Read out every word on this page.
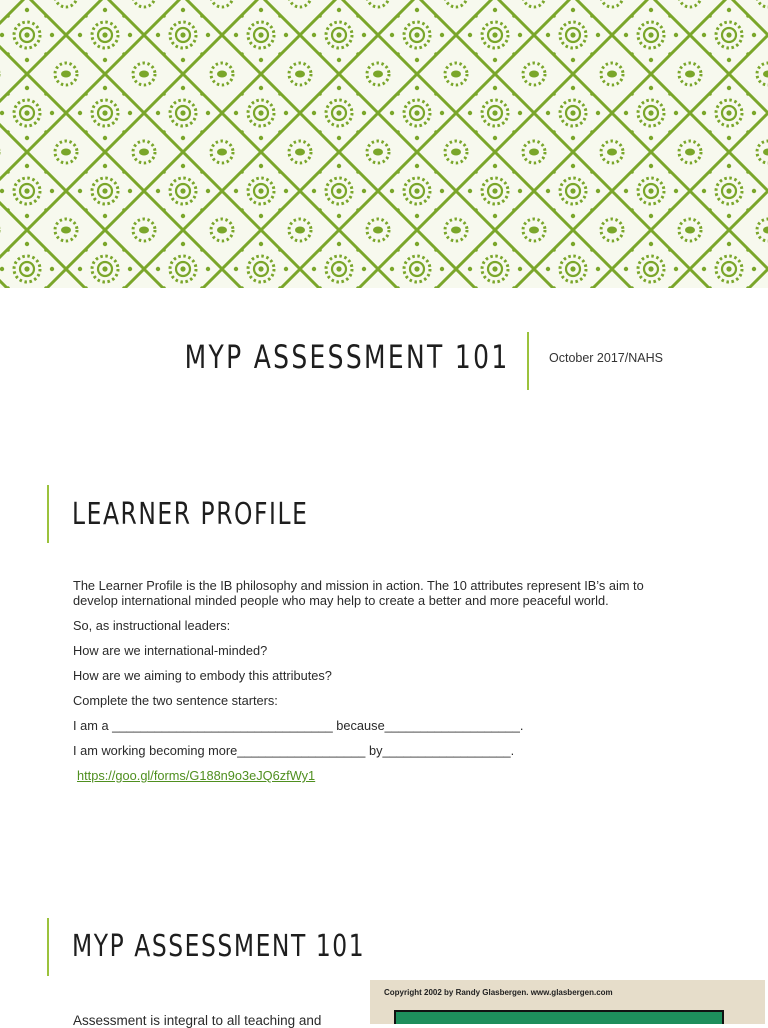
MYP ASSESSMENT 101	October 2017/NAHS
LEARNER PROFILE

The Learner Profile is the IB philosophy and mission in action. The 10 attributes represent IB’s aim to develop international minded people who may help to create a better and more peaceful world.

So, as instructional leaders:

How are we international-minded?

How are we aiming to embody this attributes?

Complete the two sentence starters:

I am a _______________________________ because___________________.

I am working becoming more__________________ by__________________.

https://goo.gl/forms/G188n9o3eJQ6zfWy1
MYP ASSESSMENT 101
Assessment is integral to all teaching and
Copyright 2002 by Randy Glasbergen. www.glasbergen.com
